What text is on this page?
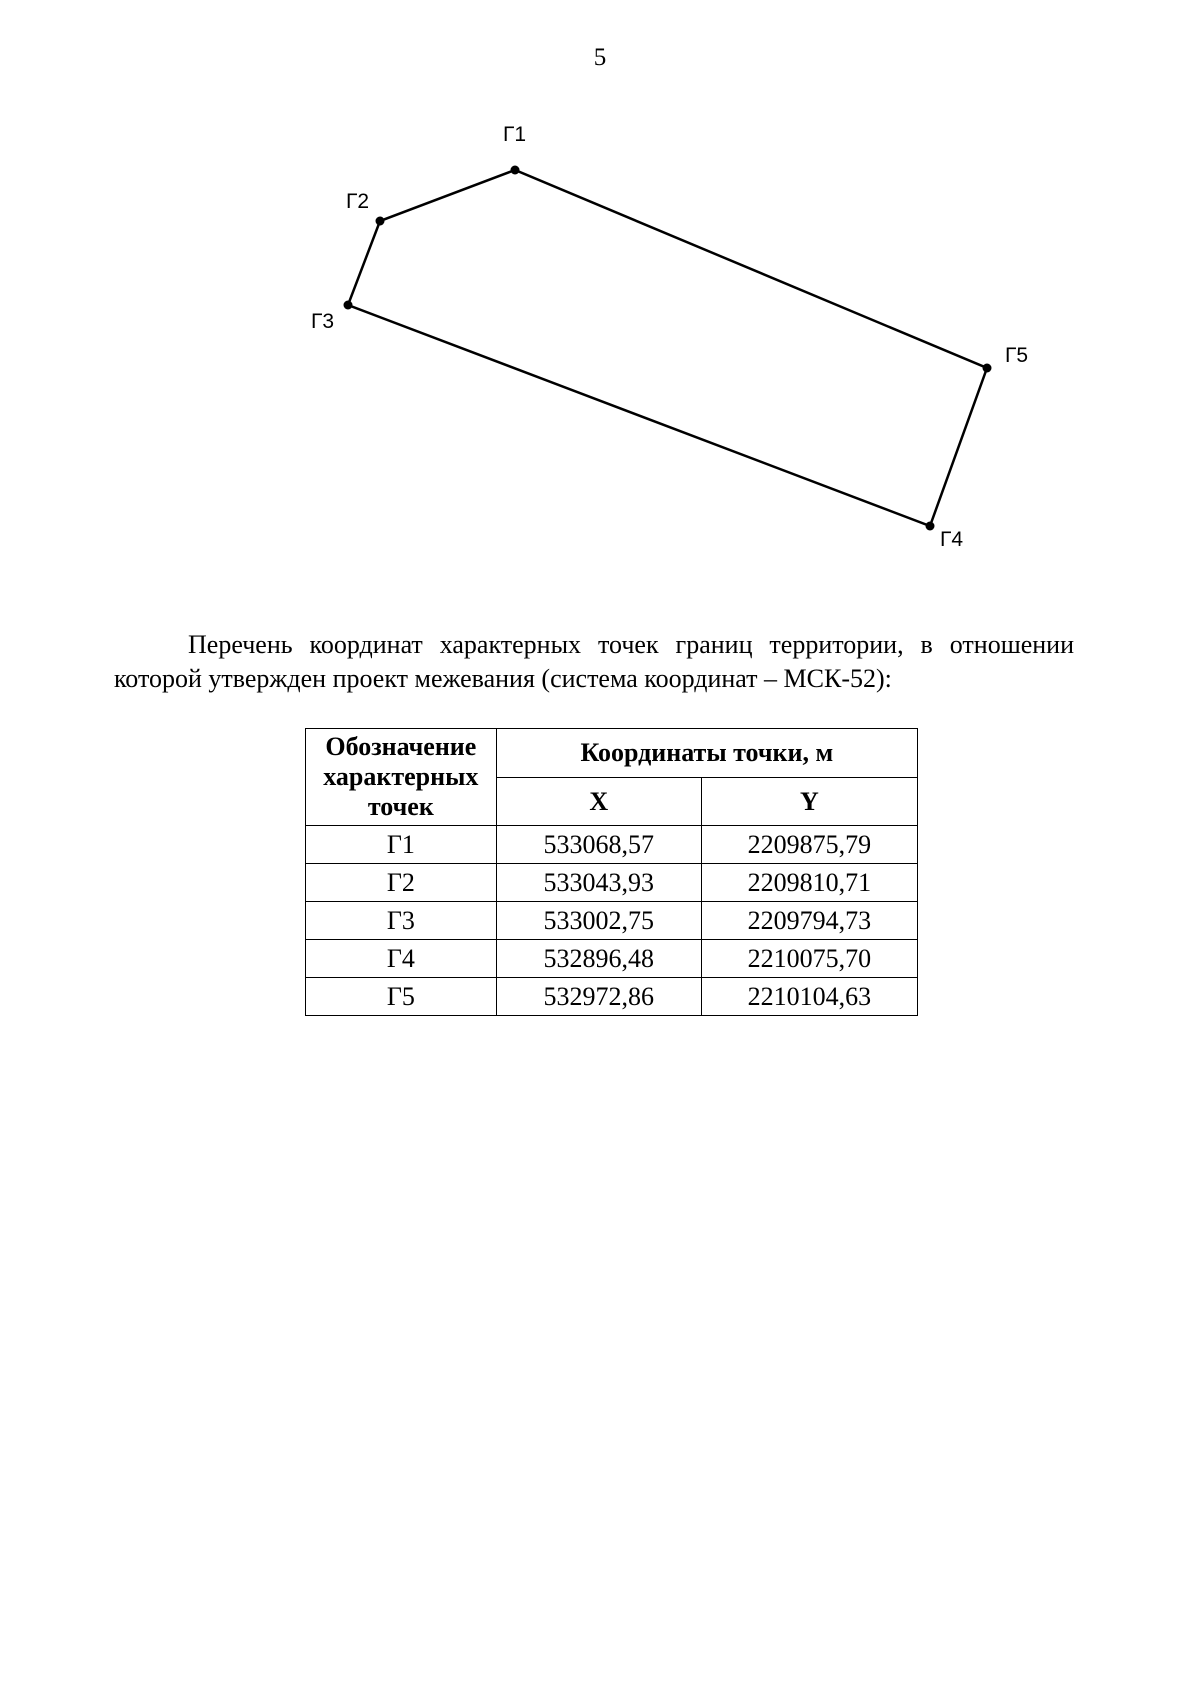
5
Г1
Г2
Г3
Г4
Г5

Перечень координат характерных точек границ территории, в отношении которой утвержден проект межевания (система координат – МСК-52):

Обозначение характерных точек	Координаты точки, м	
	X	Y
Г1	533068,57	2209875,79
Г2	533043,93	2209810,71
Г3	533002,75	2209794,73
Г4	532896,48	2210075,70
Г5	532972,86	2210104,63
